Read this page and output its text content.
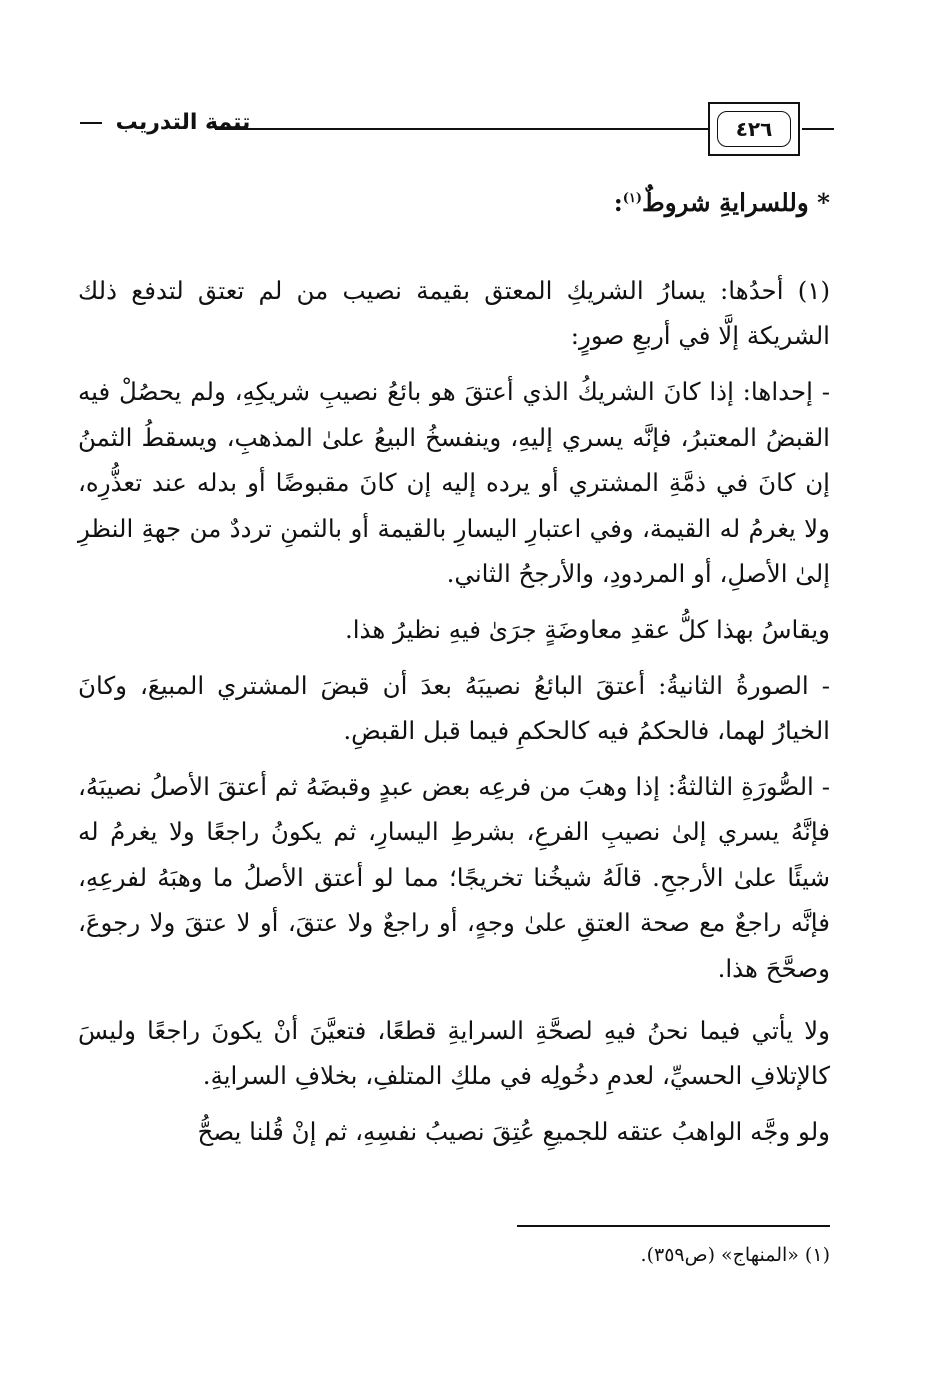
تتمة التدريب	٤٢٦

* وللسرايةِ شروطٌ$^{(١)}$:

(١) أحدُها: يسارُ الشريكِ المعتق بقيمة نصيب من لم تعتق لتدفع ذلك الشريكة إلَّا في أربعِ صورٍ:

- إحداها: إذا كانَ الشريكُ الذي أعتقَ هو بائعُ نصيبِ شريكِهِ، ولم يحصُلْ فيه القبضُ المعتبرُ، فإنَّه يسري إليهِ، وينفسخُ البيعُ علىٰ المذهبِ، ويسقطُ الثمنُ إن كانَ في ذمَّةِ المشتري أو يرده إليه إن كانَ مقبوضًا أو بدله عند تعذُّرِه، ولا يغرمُ له القيمة، وفي اعتبارِ اليسارِ بالقيمة أو بالثمنِ ترددٌ من جهةِ النظرِ إلىٰ الأصلِ، أو المردودِ، والأرجحُ الثاني.

ويقاسُ بهذا كلُّ عقدِ معاوضَةٍ جرَىٰ فيهِ نظيرُ هذا.

- الصورةُ الثانيةُ: أعتقَ البائعُ نصيبَهُ بعدَ أن قبضَ المشتري المبيعَ، وكانَ الخيارُ لهما، فالحكمُ فيه كالحكمِ فيما قبل القبضِ.

- الصُّورَةِ الثالثةُ: إذا وهبَ من فرعِه بعض عبدٍ وقبضَهُ ثم أعتقَ الأصلُ نصيبَهُ، فإنَّهُ يسري إلىٰ نصيبِ الفرعِ، بشرطِ اليسارِ، ثم يكونُ راجعًا ولا يغرمُ له شيئًا علىٰ الأرجحِ. قالَهُ شيخُنا تخريجًا؛ مما لو أعتق الأصلُ ما وهبَهُ لفرعِهِ، فإنَّه راجعٌ مع صحة العتقِ علىٰ وجهٍ، أو راجعٌ ولا عتقَ، أو لا عتقَ ولا رجوعَ، وصحَّحَ هذا.

ولا يأتي فيما نحنُ فيهِ لصحَّةِ السرايةِ قطعًا، فتعيَّنَ أنْ يكونَ راجعًا وليسَ كالإتلافِ الحسيِّ، لعدمِ دخُولِه في ملكِ المتلفِ، بخلافِ السرايةِ.

ولو وجَّه الواهبُ عتقه للجميعِ عُتِقَ نصيبُ نفسِهِ، ثم إنْ قُلنا يصحُّ

(١) «المنهاج» (ص٣٥٩).
